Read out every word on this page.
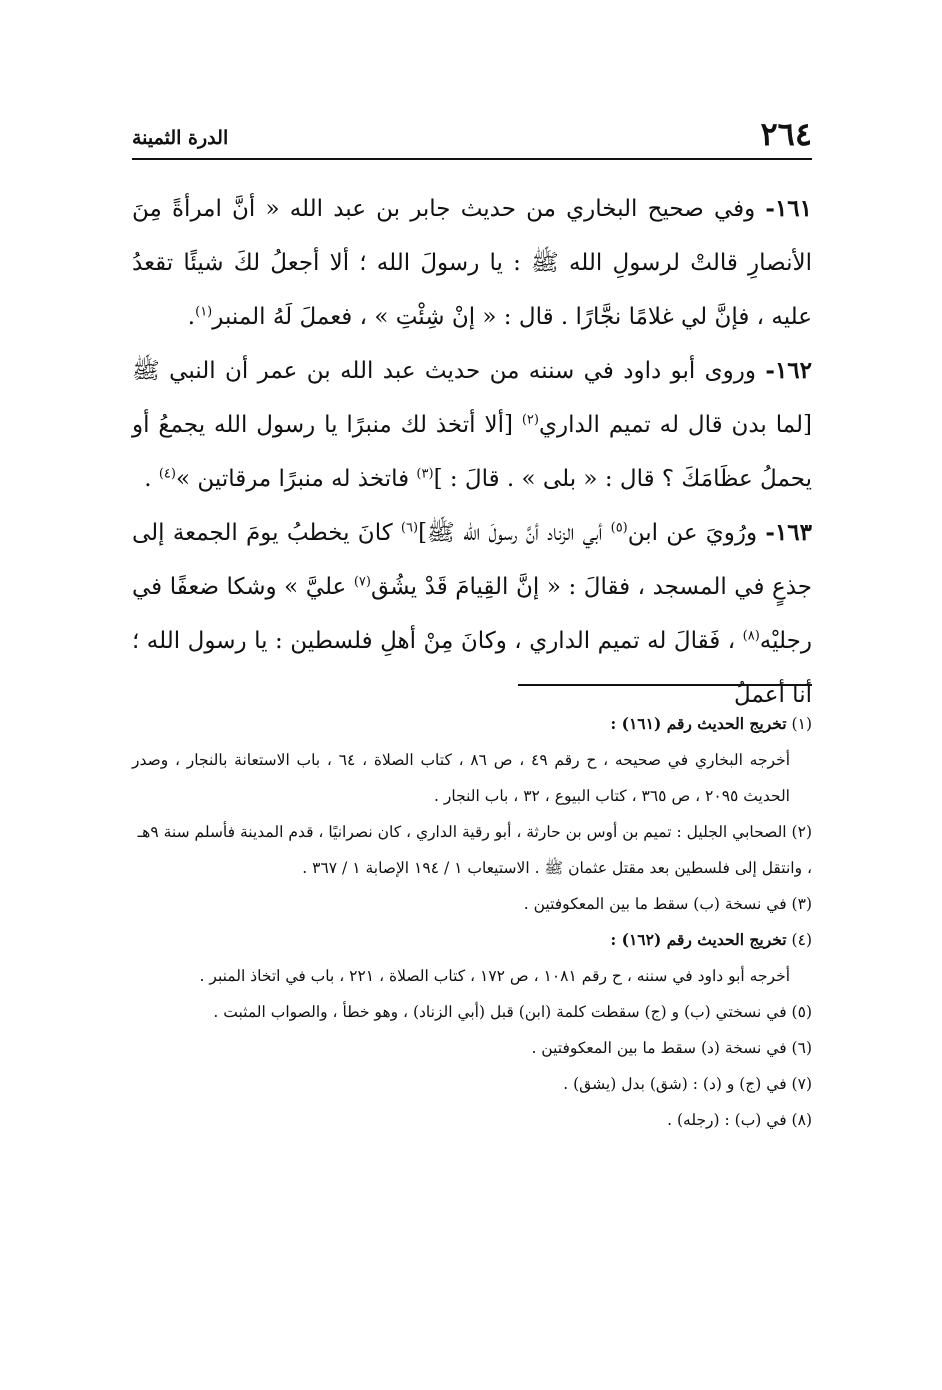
٢٦٤
الدرة الثمينة

١٦١- وفي صحيح البخاري من حديث جابر بن عبد الله « أنَّ امرأةً مِنَ الأنصارِ قالتْ لرسولِ الله ﷺ : يا رسولَ الله ؛ ألا أجعلُ لكَ شيئًا تقعدُ عليه ، فإنَّ لي غلامًا نجَّارًا . قال : « إنْ شِئْتِ » ، فعملَ لَهُ المنبر$^{(١)}$.

١٦٢- وروى أبو داود في سننه من حديث عبد الله بن عمر أن النبي ﷺ [لما بدن قال له تميم الداري$^{(٢)}$ [ألا أتخذ لك منبرًا يا رسول الله يجمعُ أو يحملُ عظَامَكَ ؟ قال : « بلى » . قالَ : ]$^{(٣)}$ فاتخذ له منبرًا مرقاتين »$^{(٤)}$ .

١٦٣- ورُويَ عن ابن$^{(٥)}$ أبي الزناد أنَّ رسولَ الله ﷺ]$^{(٦)}$ كانَ يخطبُ يومَ الجمعة إلى جذعٍ في المسجد ، فقالَ : « إنَّ القِيامَ قَدْ يشُق$^{(٧)}$ عليَّ » وشكا ضعفًا في رجليْه$^{(٨)}$ ، فَقالَ له تميم الداري ، وكانَ مِنْ أهلِ فلسطين : يا رسول الله ؛ أنا أعملُ

(١) تخريج الحديث رقم (١٦١) :

أخرجه البخاري في صحيحه ، ح رقم ٤٩ ، ص ٨٦ ، كتاب الصلاة ، ٦٤ ، باب الاستعانة بالنجار ، وصدر الحديث ٢٠٩٥ ، ص ٣٦٥ ، كتاب البيوع ، ٣٢ ، باب النجار .

(٢) الصحابي الجليل : تميم بن أوس بن حارثة ، أبو رقية الداري ، كان نصرانيًا ، قدم المدينة فأسلم سنة ٩هـ ، وانتقل إلى فلسطين بعد مقتل عثمان ﷺ . الاستيعاب ١ / ١٩٤ الإصابة ١ / ٣٦٧ .

(٣) في نسخة (ب) سقط ما بين المعكوفتين .

(٤) تخريج الحديث رقم (١٦٢) :

أخرجه أبو داود في سننه ، ح رقم ١٠٨١ ، ص ١٧٢ ، كتاب الصلاة ، ٢٢١ ، باب في اتخاذ المنبر .

(٥) في نسختي (ب) و (ج) سقطت كلمة (ابن) قبل (أبي الزناد) ، وهو خطأ ، والصواب المثبت .

(٦) في نسخة (د) سقط ما بين المعكوفتين .

(٧) في (ج) و (د) : (شق) بدل (يشق) .

(٨) في (ب) : (رجله) .
